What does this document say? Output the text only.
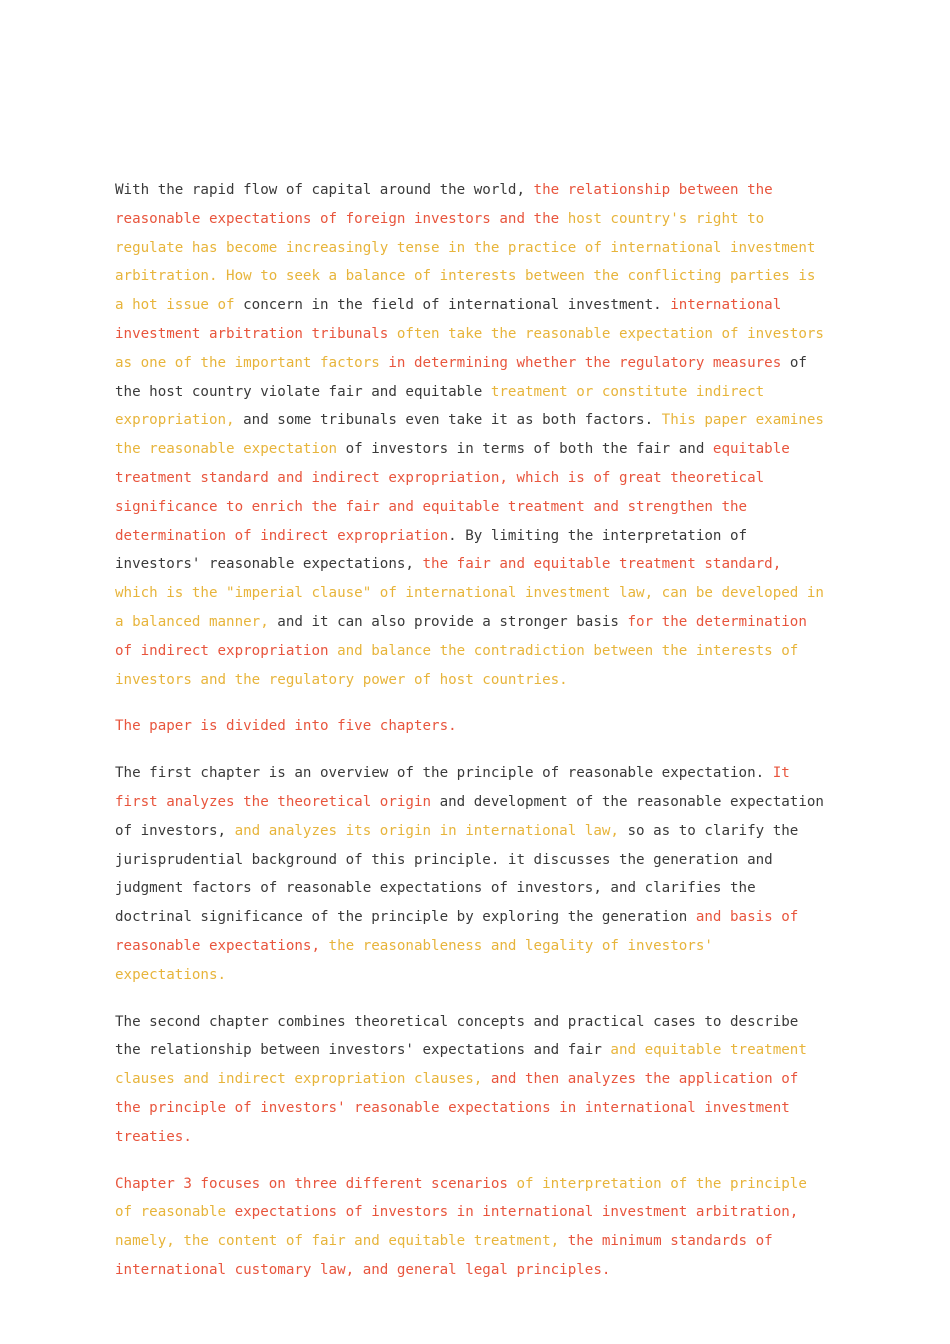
With the rapid flow of capital around the world, the relationship between the reasonable expectations of foreign investors and the host country's right to regulate has become increasingly tense in the practice of international investment arbitration. How to seek a balance of interests between the conflicting parties is a hot issue of concern in the field of international investment. international investment arbitration tribunals often take the reasonable expectation of investors as one of the important factors in determining whether the regulatory measures of the host country violate fair and equitable treatment or constitute indirect expropriation, and some tribunals even take it as both factors. This paper examines the reasonable expectation of investors in terms of both the fair and equitable treatment standard and indirect expropriation, which is of great theoretical significance to enrich the fair and equitable treatment and strengthen the determination of indirect expropriation. By limiting the interpretation of investors' reasonable expectations, the fair and equitable treatment standard, which is the "imperial clause" of international investment law, can be developed in a balanced manner, and it can also provide a stronger basis for the determination of indirect expropriation and balance the contradiction between the interests of investors and the regulatory power of host countries.

The paper is divided into five chapters.

The first chapter is an overview of the principle of reasonable expectation. It first analyzes the theoretical origin and development of the reasonable expectation of investors, and analyzes its origin in international law, so as to clarify the jurisprudential background of this principle. it discusses the generation and judgment factors of reasonable expectations of investors, and clarifies the doctrinal significance of the principle by exploring the generation and basis of reasonable expectations, the reasonableness and legality of investors' expectations.

The second chapter combines theoretical concepts and practical cases to describe the relationship between investors' expectations and fair and equitable treatment clauses and indirect expropriation clauses, and then analyzes the application of the principle of investors' reasonable expectations in international investment treaties.

Chapter 3 focuses on three different scenarios of interpretation of the principle of reasonable expectations of investors in international investment arbitration, namely, the content of fair and equitable treatment, the minimum standards of international customary law, and general legal principles.
